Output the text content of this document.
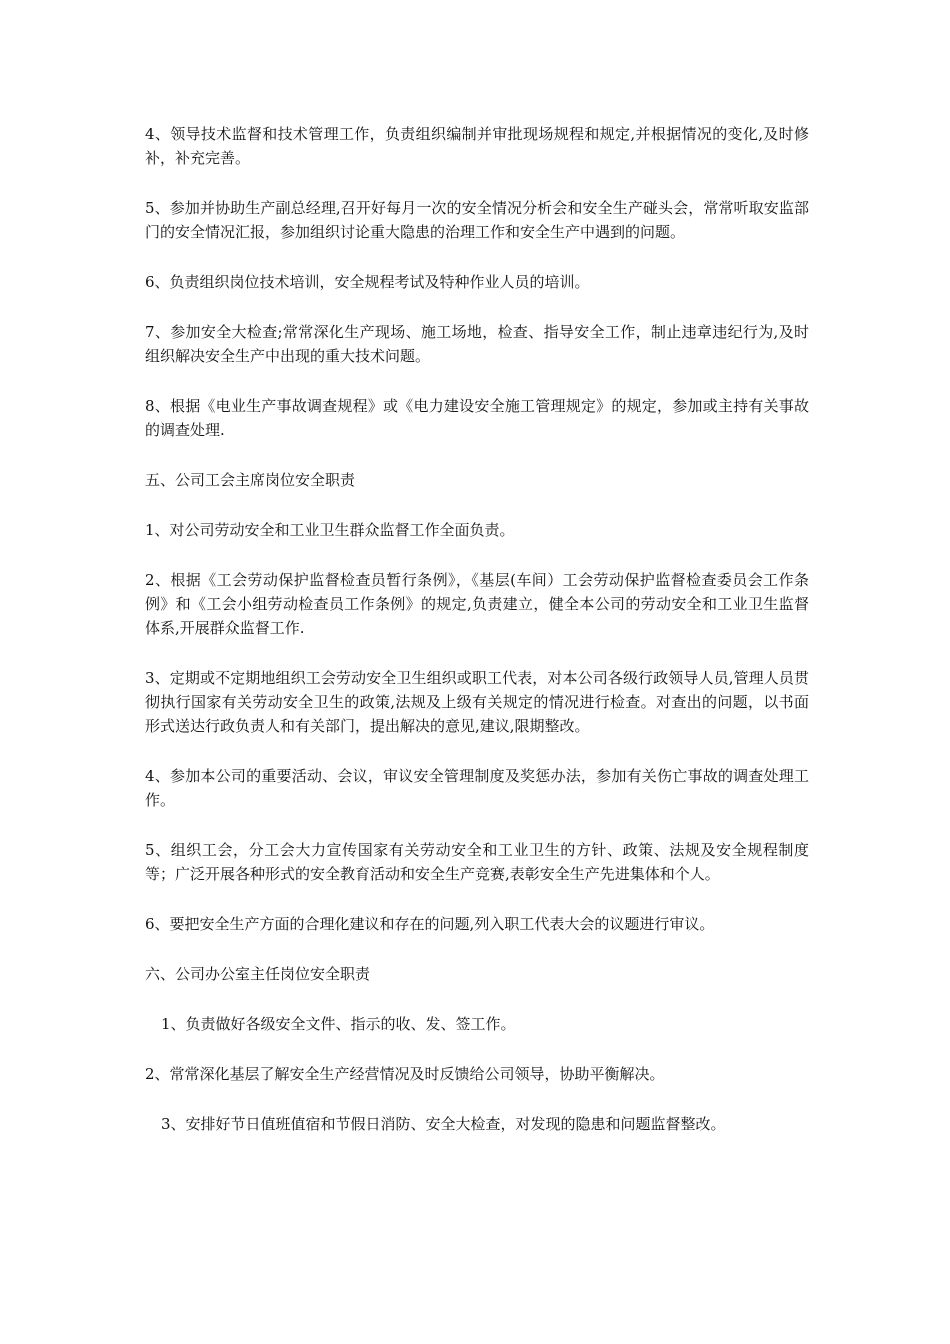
4、领导技术监督和技术管理工作，负责组织编制并审批现场规程和规定,并根据情况的变化,及时修补，补充完善。

5、参加并协助生产副总经理,召开好每月一次的安全情况分析会和安全生产碰头会，常常听取安监部门的安全情况汇报，参加组织讨论重大隐患的治理工作和安全生产中遇到的问题。

6、负责组织岗位技术培训，安全规程考试及特种作业人员的培训。

7、参加安全大检查;常常深化生产现场、施工场地，检查、指导安全工作，制止违章违纪行为,及时组织解决安全生产中出现的重大技术问题。

8、根据《电业生产事故调查规程》或《电力建设安全施工管理规定》的规定，参加或主持有关事故的调查处理.

五、公司工会主席岗位安全职责

1、对公司劳动安全和工业卫生群众监督工作全面负责。

2、根据《工会劳动保护监督检查员暂行条例》，《基层(车间）工会劳动保护监督检查委员会工作条例》和《工会小组劳动检查员工作条例》的规定,负责建立，健全本公司的劳动安全和工业卫生监督体系,开展群众监督工作.

3、定期或不定期地组织工会劳动安全卫生组织或职工代表，对本公司各级行政领导人员,管理人员贯彻执行国家有关劳动安全卫生的政策,法规及上级有关规定的情况进行检查。对查出的问题，以书面形式送达行政负责人和有关部门，提出解决的意见,建议,限期整改。

4、参加本公司的重要活动、会议，审议安全管理制度及奖惩办法，参加有关伤亡事故的调查处理工作。

5、组织工会，分工会大力宣传国家有关劳动安全和工业卫生的方针、政策、法规及安全规程制度等；广泛开展各种形式的安全教育活动和安全生产竞赛,表彰安全生产先进集体和个人。

6、要把安全生产方面的合理化建议和存在的问题,列入职工代表大会的议题进行审议。

六、公司办公室主任岗位安全职责

1、负责做好各级安全文件、指示的收、发、签工作。

2、常常深化基层了解安全生产经营情况及时反馈给公司领导，协助平衡解决。

3、安排好节日值班值宿和节假日消防、安全大检查，对发现的隐患和问题监督整改。
